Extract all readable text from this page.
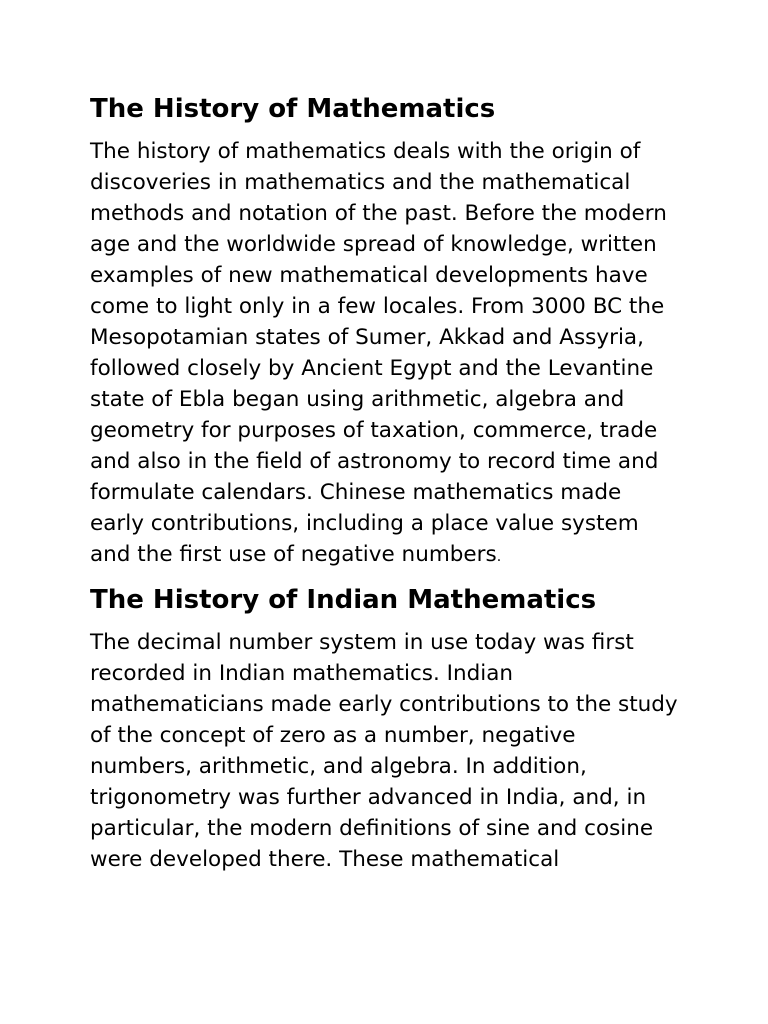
The History of Mathematics

The history of mathematics deals with the origin of discoveries in mathematics and the mathematical methods and notation of the past. Before the modern age and the worldwide spread of knowledge, written examples of new mathematical developments have come to light only in a few locales. From 3000 BC the Mesopotamian states of Sumer, Akkad and Assyria, followed closely by Ancient Egypt and the Levantine state of Ebla began using arithmetic, algebra and geometry for purposes of taxation, commerce, trade and also in the field of astronomy to record time and formulate calendars. Chinese mathematics made early contributions, including a place value system and the first use of negative numbers.

The History of Indian Mathematics

The decimal number system in use today was first recorded in Indian mathematics. Indian mathematicians made early contributions to the study of the concept of zero as a number, negative numbers, arithmetic, and algebra. In addition, trigonometry was further advanced in India, and, in particular, the modern definitions of sine and cosine were developed there. These mathematical
